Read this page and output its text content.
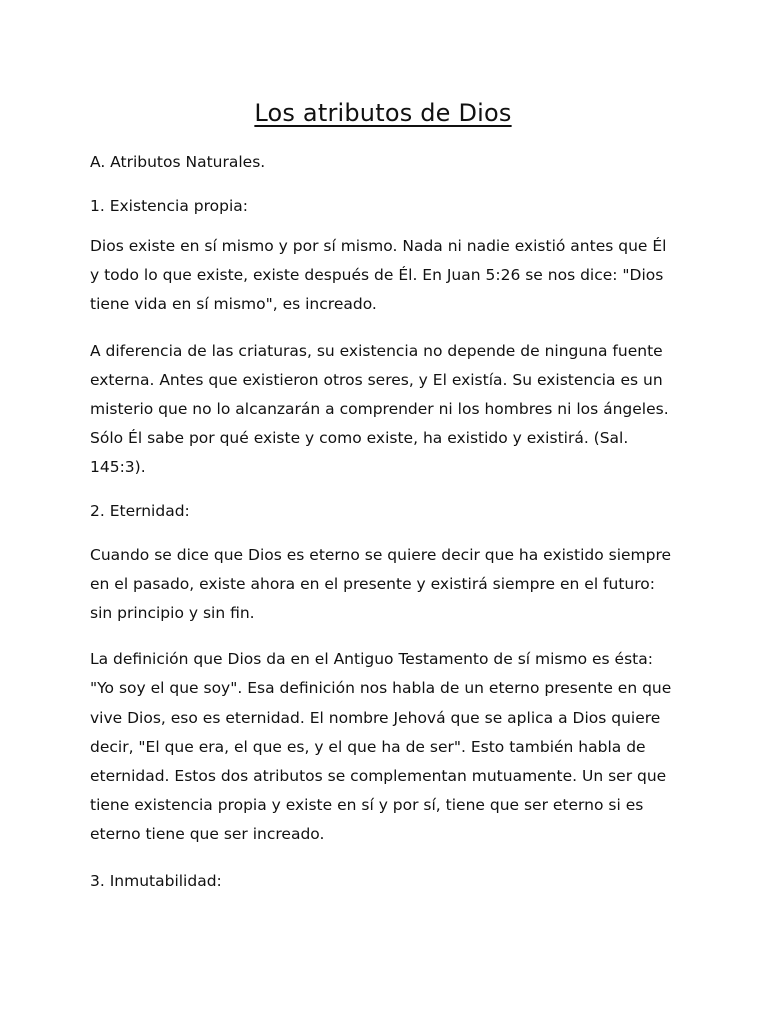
Los atributos de Dios

A. Atributos Naturales.

1. Existencia propia:

Dios existe en sí mismo y por sí mismo. Nada ni nadie existió antes que Él y todo lo que existe, existe después de Él. En Juan 5:26 se nos dice: "Dios tiene vida en sí mismo", es increado.

A diferencia de las criaturas, su existencia no depende de ninguna fuente externa. Antes que existieron otros seres, y El existía. Su existencia es un misterio que no lo alcanzarán a comprender ni los hombres ni los ángeles. Sólo Él sabe por qué existe y como existe, ha existido y existirá. (Sal. 145:3).

2. Eternidad:

Cuando se dice que Dios es eterno se quiere decir que ha existido siempre en el pasado, existe ahora en el presente y existirá siempre en el futuro: sin principio y sin fin.

La definición que Dios da en el Antiguo Testamento de sí mismo es ésta: "Yo soy el que soy". Esa definición nos habla de un eterno presente en que vive Dios, eso es eternidad. El nombre Jehová que se aplica a Dios quiere decir, "El que era, el que es, y el que ha de ser". Esto también habla de eternidad. Estos dos atributos se complementan mutuamente. Un ser que tiene existencia propia y existe en sí y por sí, tiene que ser eterno si es eterno tiene que ser increado.

3. Inmutabilidad:
